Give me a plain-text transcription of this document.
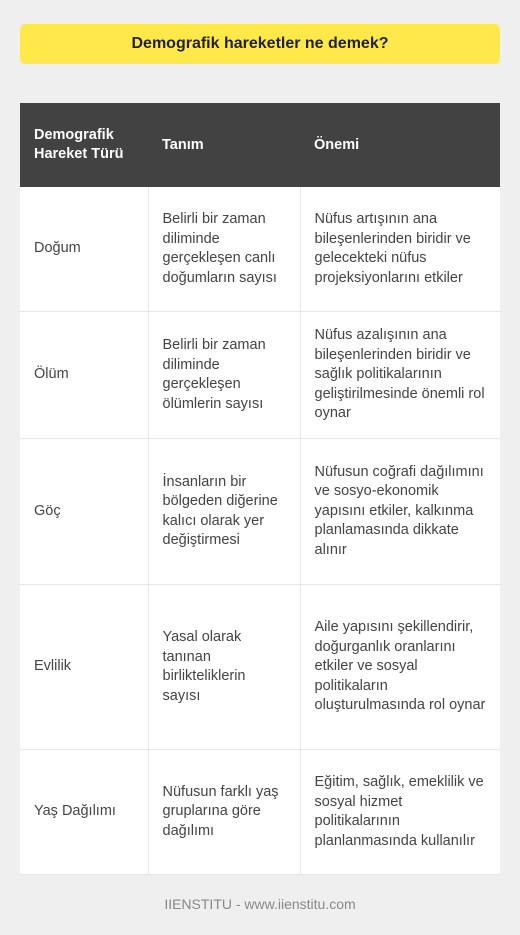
Demografik hareketler ne demek?
Demografik Hareket Türü	Tanım	Önemi
Doğum	Belirli bir zaman diliminde gerçekleşen canlı doğumların sayısı	Nüfus artışının ana bileşenlerinden biridir ve gelecekteki nüfus projeksiyonlarını etkiler
Ölüm	Belirli bir zaman diliminde gerçekleşen ölümlerin sayısı	Nüfus azalışının ana bileşenlerinden biridir ve sağlık politikalarının geliştirilmesinde önemli rol oynar
Göç	İnsanların bir bölgeden diğerine kalıcı olarak yer değiştirmesi	Nüfusun coğrafi dağılımını ve sosyo-ekonomik yapısını etkiler, kalkınma planlamasında dikkate alınır
Evlilik	Yasal olarak tanınan birlikteliklerin sayısı	Aile yapısını şekillendirir, doğurganlık oranlarını etkiler ve sosyal politikaların oluşturulmasında rol oynar
Yaş Dağılımı	Nüfusun farklı yaş gruplarına göre dağılımı	Eğitim, sağlık, emeklilik ve sosyal hizmet politikalarının planlanmasında kullanılır
IIENSTITU - www.iienstitu.com
